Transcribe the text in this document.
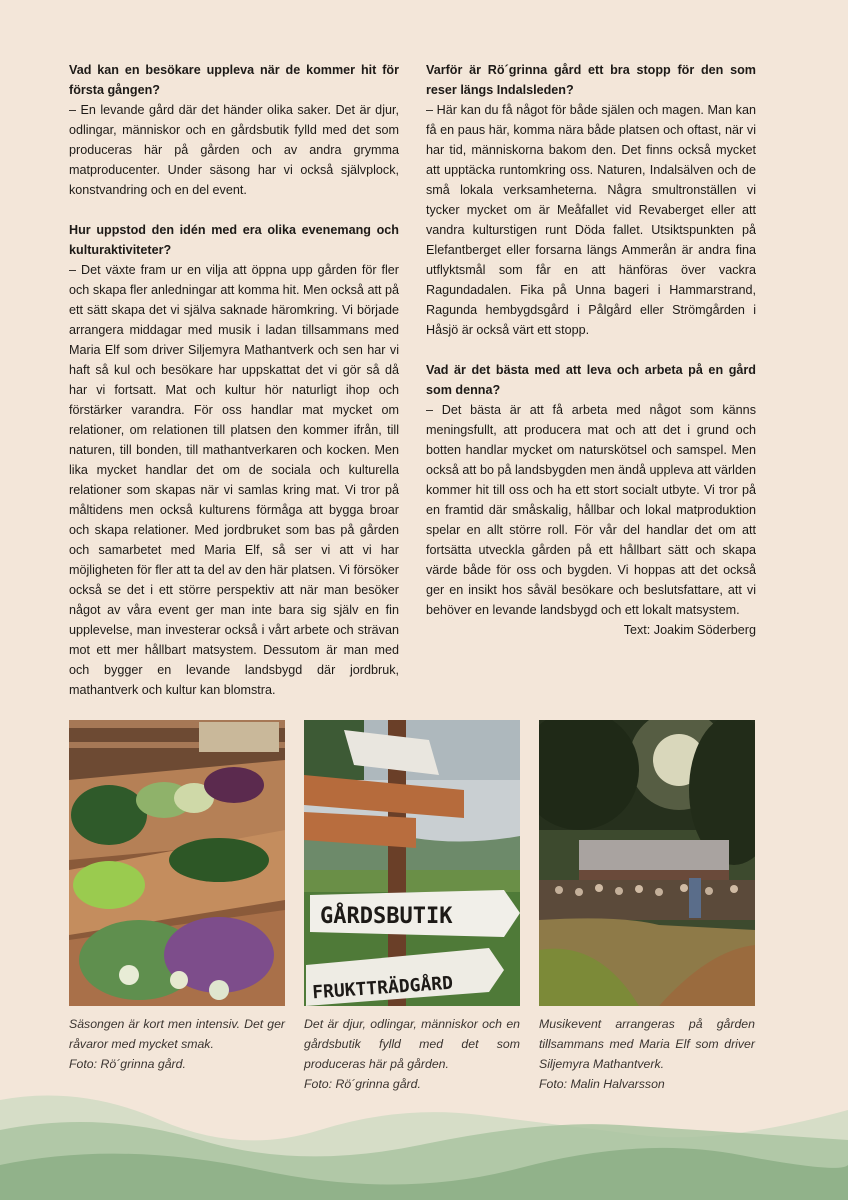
Vad kan en besökare uppleva när de kommer hit för första gången?

– En levande gård där det händer olika saker. Det är djur, odlingar, människor och en gårdsbutik fylld med det som produceras här på gården och av andra grymma matproducenter. Under säsong har vi också självplock, konstvandring och en del event.

Hur uppstod den idén med era olika evenemang och kulturaktiviteter?

– Det växte fram ur en vilja att öppna upp gården för fler och skapa fler anledningar att komma hit. Men också att på ett sätt skapa det vi själva saknade häromkring. Vi började arrangera middagar med musik i ladan tillsammans med Maria Elf som driver Siljemyra Mathantverk och sen har vi haft så kul och besökare har uppskattat det vi gör så då har vi fortsatt. Mat och kultur hör naturligt ihop och förstärker varandra. För oss handlar mat mycket om relationer, om relationen till platsen den kommer ifrån, till naturen, till bonden, till mathantverkaren och kocken. Men lika mycket handlar det om de sociala och kulturella relationer som skapas när vi samlas kring mat. Vi tror på måltidens men också kulturens förmåga att bygga broar och skapa relationer. Med jordbruket som bas på gården och samarbetet med Maria Elf, så ser vi att vi har möjligheten för fler att ta del av den här platsen. Vi försöker också se det i ett större perspektiv att när man besöker något av våra event ger man inte bara sig själv en fin upplevelse, man investerar också i vårt arbete och strävan mot ett mer hållbart matsystem. Dessutom är man med och bygger en levande landsbygd där jordbruk, mathantverk och kultur kan blomstra.

Varför är Rö´grinna gård ett bra stopp för den som reser längs Indalsleden?

– Här kan du få något för både själen och magen. Man kan få en paus här, komma nära både platsen och oftast, när vi har tid, människorna bakom den. Det finns också mycket att upptäcka runtomkring oss. Naturen, Indalsälven och de små lokala verksamheterna. Några smultronställen vi tycker mycket om är Meåfallet vid Revaberget eller att vandra kulturstigen runt Döda fallet. Utsiktspunkten på Elefantberget eller forsarna längs Ammerån är andra fina utflyktsmål som får en att hänföras över vackra Ragundadalen. Fika på Unna bageri i Hammarstrand, Ragunda hembygdsgård i Pålgård eller Strömgården i Håsjö är också värt ett stopp.

Vad är det bästa med att leva och arbeta på en gård som denna?

– Det bästa är att få arbeta med något som känns meningsfullt, att producera mat och att det i grund och botten handlar mycket om naturskötsel och samspel. Men också att bo på landsbygden men ändå uppleva att världen kommer hit till oss och ha ett stort socialt utbyte. Vi tror på en framtid där småskalig, hållbar och lokal matproduktion spelar en allt större roll. För vår del handlar det om att fortsätta utveckla gården på ett hållbart sätt och skapa värde både för oss och bygden. Vi hoppas att det också ger en insikt hos såväl besökare och beslutsfattare, att vi behöver en levande landsbygd och ett lokalt matsystem.

Text: Joakim Söderberg

GÅRDSBUTIK
FRUKTTRÄDGÅRD
Säsongen är kort men intensiv. Det ger råvaror med mycket smak.
Foto: Rö´grinna gård.
Det är djur, odlingar, människor och en gårdsbutik fylld med det som produceras här på gården.
Foto: Rö´grinna gård.
Musikevent arrangeras på gården tillsammans med Maria Elf som driver Siljemyra Mathantverk.
Foto: Malin Halvarsson
